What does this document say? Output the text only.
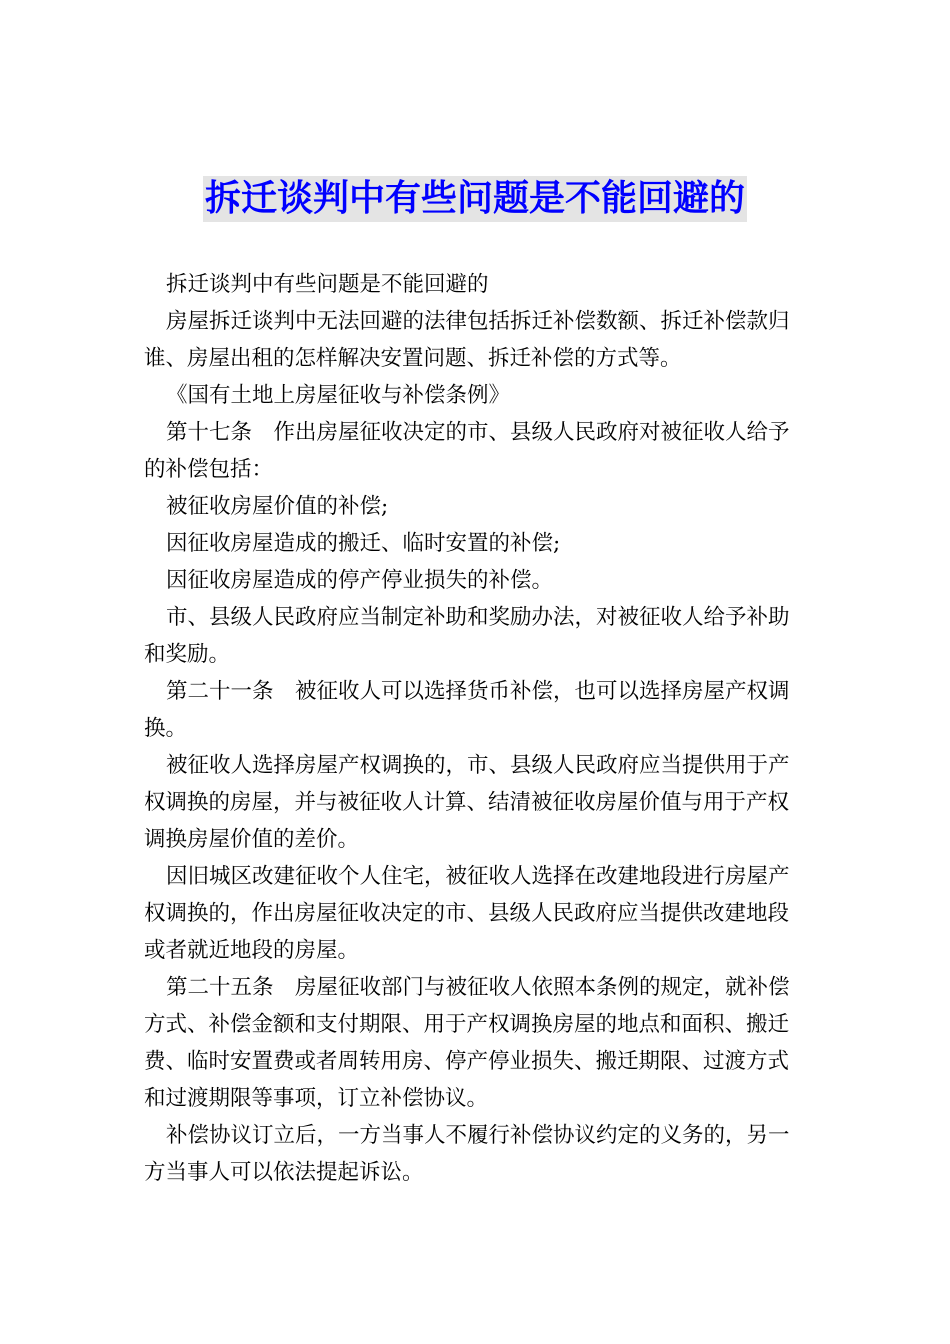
拆迁谈判中有些问题是不能回避的

拆迁谈判中有些问题是不能回避的

房屋拆迁谈判中无法回避的法律包括拆迁补偿数额、拆迁补偿款归谁、房屋出租的怎样解决安置问题、拆迁补偿的方式等。

《国有土地上房屋征收与补偿条例》

第十七条　作出房屋征收决定的市、县级人民政府对被征收人给予的补偿包括：

被征收房屋价值的补偿;

因征收房屋造成的搬迁、临时安置的补偿;

因征收房屋造成的停产停业损失的补偿。

市、县级人民政府应当制定补助和奖励办法，对被征收人给予补助和奖励。

第二十一条　被征收人可以选择货币补偿，也可以选择房屋产权调换。

被征收人选择房屋产权调换的，市、县级人民政府应当提供用于产权调换的房屋，并与被征收人计算、结清被征收房屋价值与用于产权调换房屋价值的差价。

因旧城区改建征收个人住宅，被征收人选择在改建地段进行房屋产权调换的，作出房屋征收决定的市、县级人民政府应当提供改建地段或者就近地段的房屋。

第二十五条　房屋征收部门与被征收人依照本条例的规定，就补偿方式、补偿金额和支付期限、用于产权调换房屋的地点和面积、搬迁费、临时安置费或者周转用房、停产停业损失、搬迁期限、过渡方式和过渡期限等事项，订立补偿协议。

补偿协议订立后，一方当事人不履行补偿协议约定的义务的，另一方当事人可以依法提起诉讼。
